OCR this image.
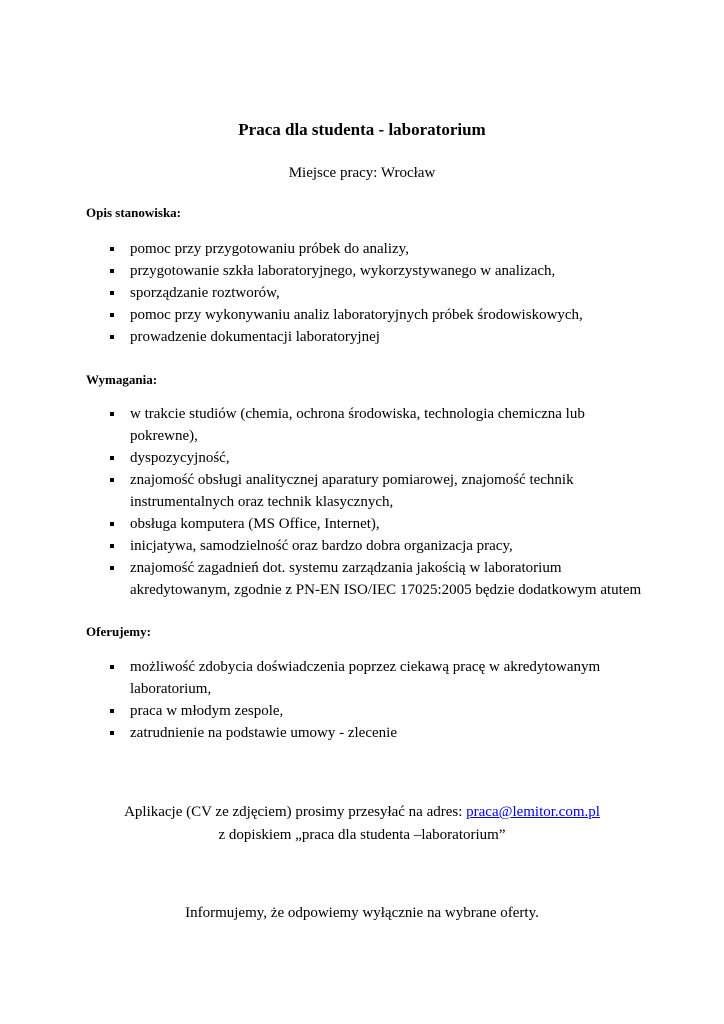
Praca dla studenta - laboratorium
Miejsce pracy: Wrocław
Opis stanowiska:
pomoc przy przygotowaniu próbek do analizy,
przygotowanie szkła laboratoryjnego, wykorzystywanego w analizach,
sporządzanie roztworów,
pomoc przy wykonywaniu analiz laboratoryjnych próbek środowiskowych,
prowadzenie dokumentacji laboratoryjnej
Wymagania:
w trakcie studiów (chemia, ochrona środowiska, technologia chemiczna lub pokrewne),
dyspozycyjność,
znajomość obsługi analitycznej aparatury pomiarowej, znajomość technik instrumentalnych oraz technik klasycznych,
obsługa komputera (MS Office, Internet),
inicjatywa, samodzielność oraz bardzo dobra organizacja pracy,
znajomość zagadnień dot. systemu zarządzania jakością w laboratorium akredytowanym, zgodnie z PN-EN ISO/IEC 17025:2005 będzie dodatkowym atutem
Oferujemy:
możliwość zdobycia doświadczenia poprzez ciekawą pracę w akredytowanym laboratorium,
praca w młodym zespole,
zatrudnienie na podstawie umowy - zlecenie
Aplikacje (CV ze zdjęciem) prosimy przesyłać na adres: praca@lemitor.com.pl
z dopiskiem „praca dla studenta –laboratorium”
Informujemy, że odpowiemy wyłącznie na wybrane oferty.
